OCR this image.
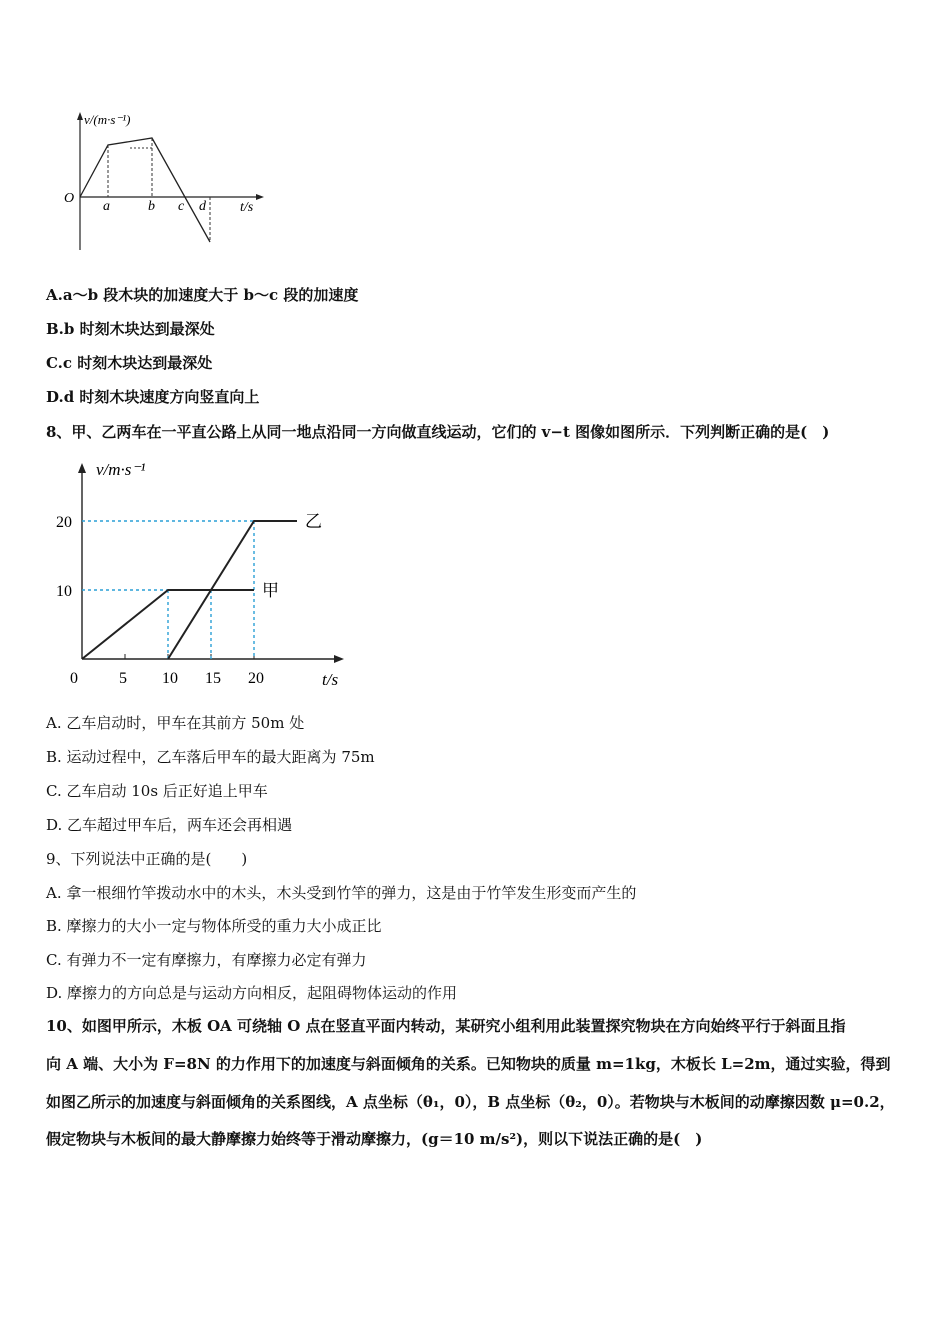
v/(m·s⁻¹)
O
t/s
a	b c d
A.a～b 段木块的加速度大于 b～c 段的加速度
B.b 时刻木块达到最深处
C.c 时刻木块达到最深处
D.d 时刻木块速度方向竖直向上
8、甲、乙两车在一平直公路上从同一地点沿同一方向做直线运动，它们的 v−t 图像如图所示．下列判断正确的是(　)
0	5 10 15 20
10
20
甲
乙
v/m·s⁻¹
t/s
A. 乙车启动时，甲车在其前方 50m 处
B. 运动过程中，乙车落后甲车的最大距离为 75m
C. 乙车启动 10s 后正好追上甲车
D. 乙车超过甲车后，两车还会再相遇
9、下列说法中正确的是(　　)
A. 拿一根细竹竿拨动水中的木头，木头受到竹竿的弹力，这是由于竹竿发生形变而产生的
B. 摩擦力的大小一定与物体所受的重力大小成正比
C. 有弹力不一定有摩擦力，有摩擦力必定有弹力
D. 摩擦力的方向总是与运动方向相反，起阻碍物体运动的作用
10、如图甲所示，木板 OA 可绕轴 O 点在竖直平面内转动，某研究小组利用此装置探究物块在方向始终平行于斜面且指
向 A 端、大小为 F=8N 的力作用下的加速度与斜面倾角的关系。已知物块的质量 m=1kg，木板长 L=2m，通过实验，得到
如图乙所示的加速度与斜面倾角的关系图线，A 点坐标（θ₁，0），B 点坐标（θ₂，0）。若物块与木板间的动摩擦因数 μ=0.2，
假定物块与木板间的最大静摩擦力始终等于滑动摩擦力，(g＝10 m/s²)，则以下说法正确的是(　)
